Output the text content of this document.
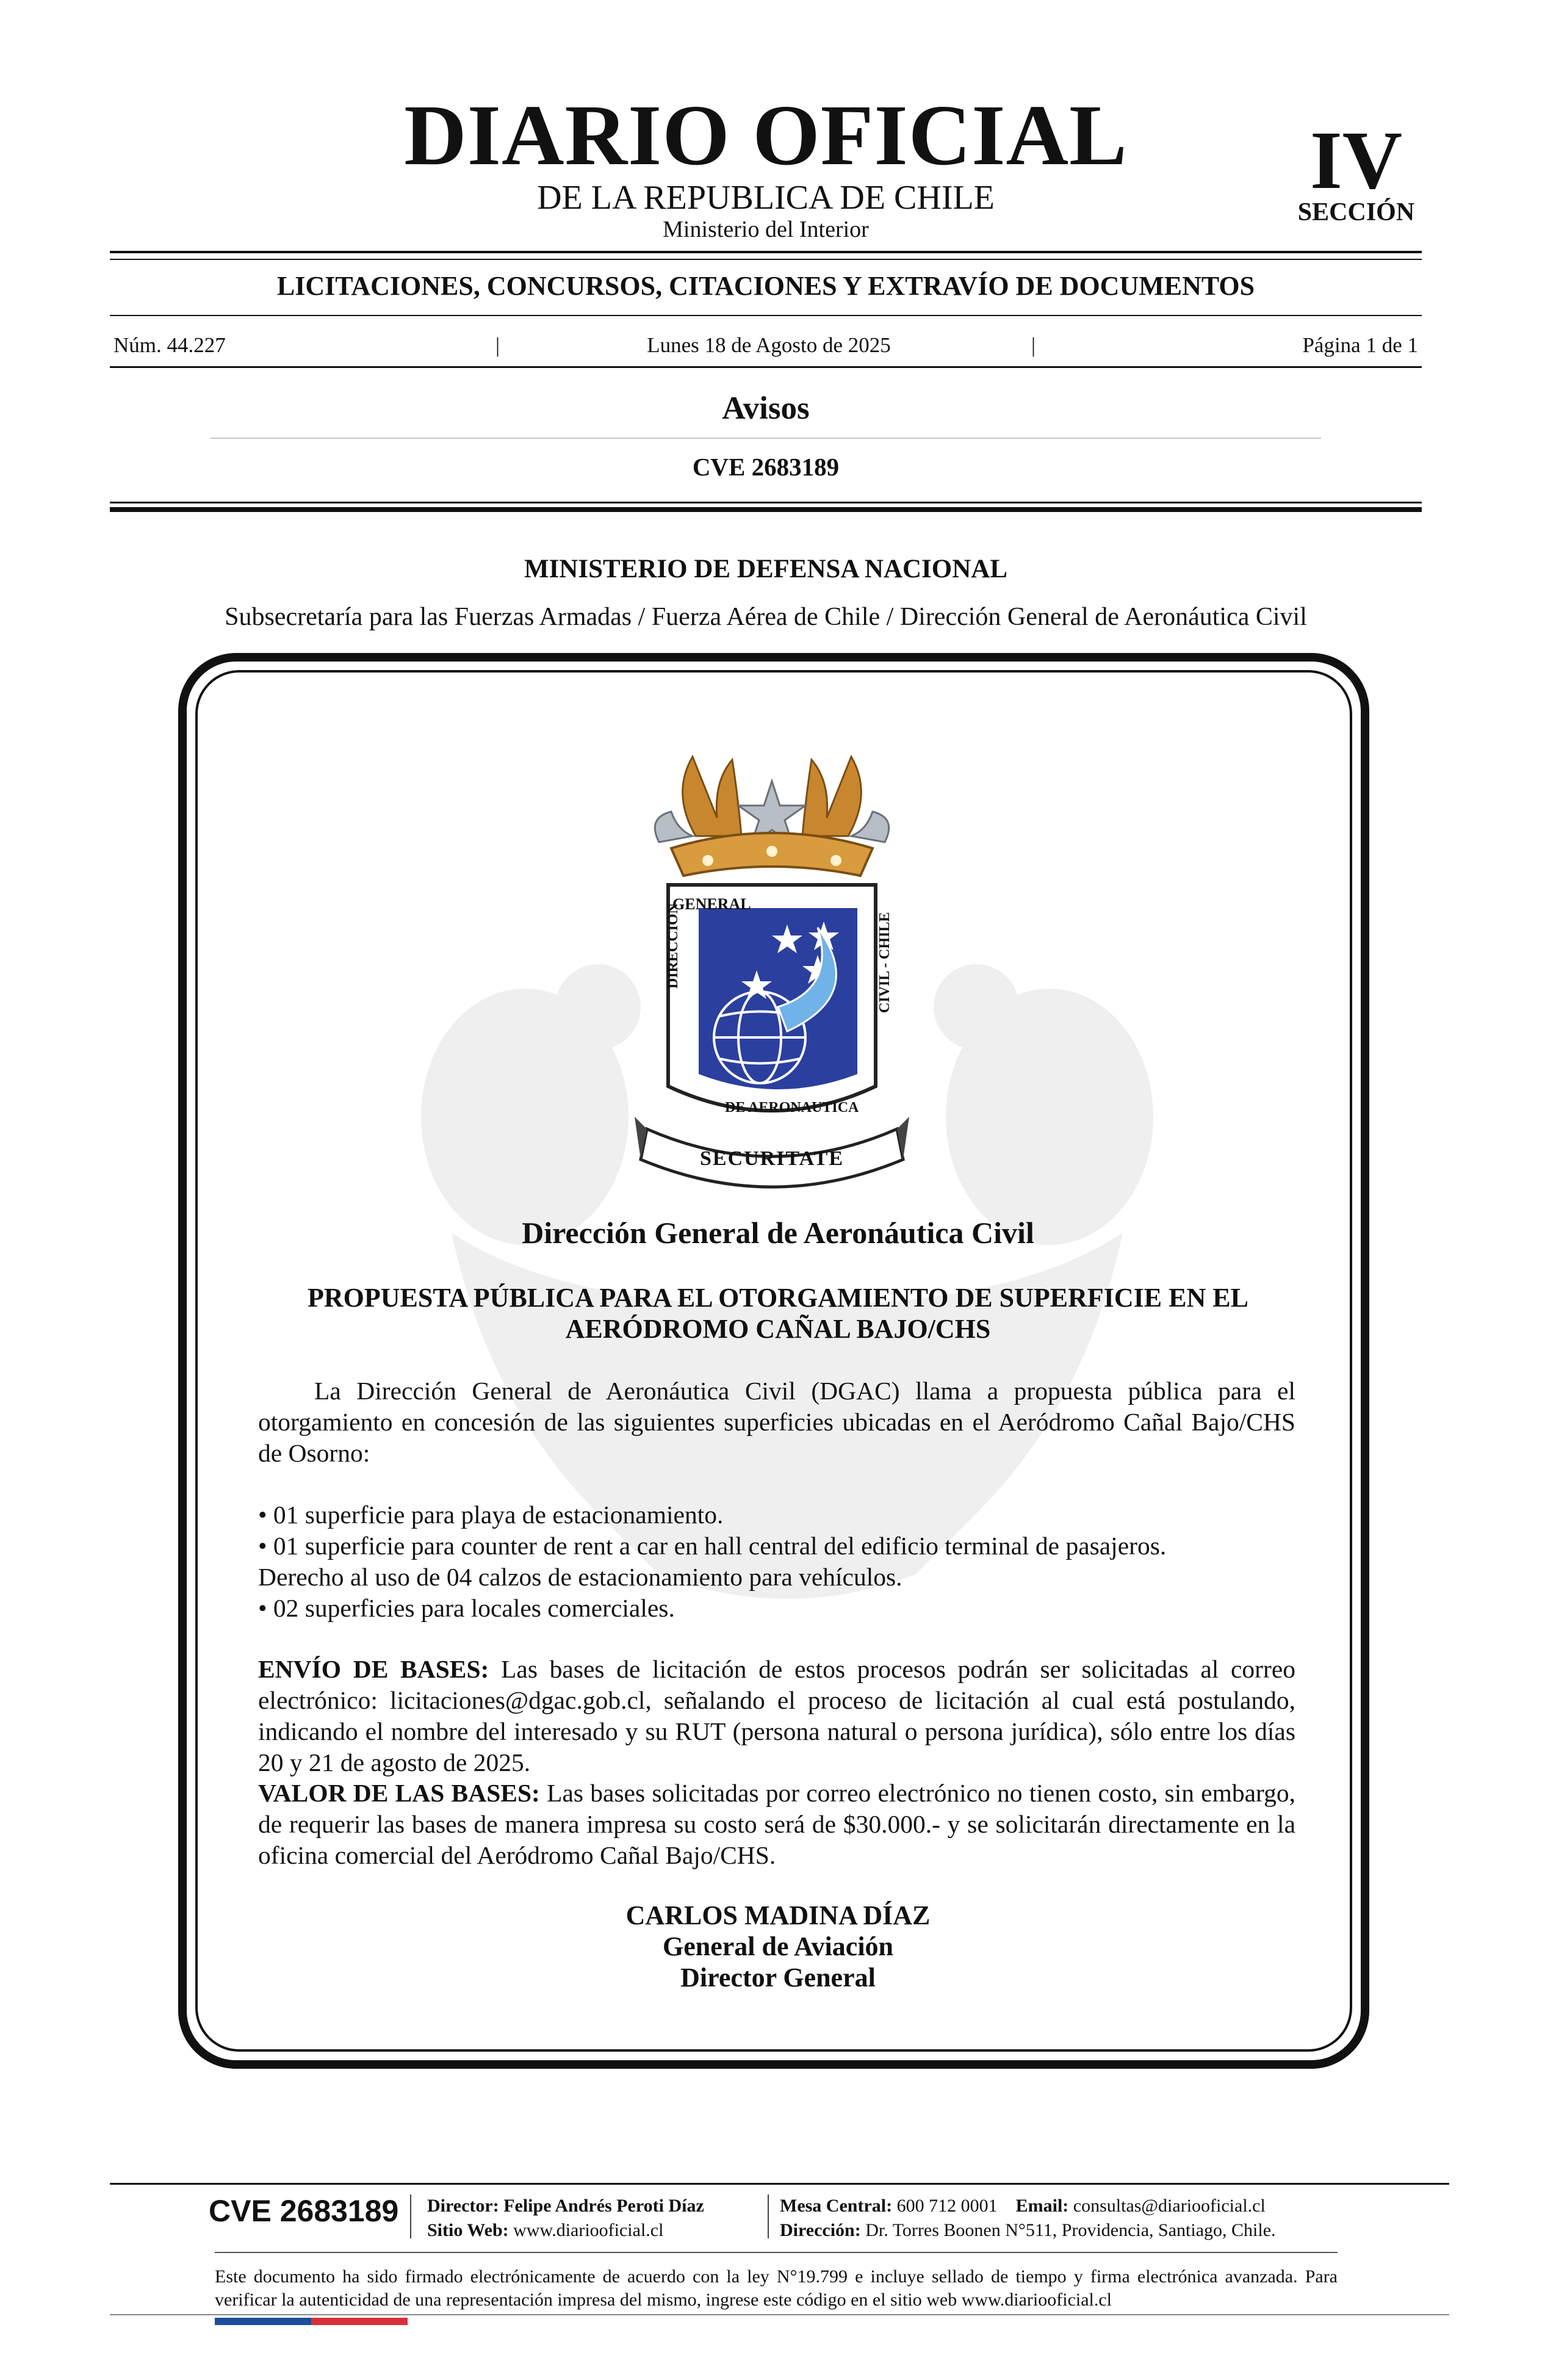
DIARIO OFICIAL
DE LA REPUBLICA DE CHILE
Ministerio del Interior
IV
SECCIÓN
LICITACIONES, CONCURSOS, CITACIONES Y EXTRAVÍO DE DOCUMENTOS
Núm. 44.227	|	Lunes 18 de Agosto de 2025	|	Página 1 de 1
Avisos
CVE 2683189
MINISTERIO DE DEFENSA NACIONAL
Subsecretaría para las Fuerzas Armadas / Fuerza Aérea de Chile / Dirección General de Aeronáutica Civil
GENERAL
DIRECCION	CIVIL - CHILE
DE AERONAUTICA
SECURITATE
Dirección General de Aeronáutica Civil
PROPUESTA PÚBLICA PARA EL OTORGAMIENTO DE SUPERFICIE EN EL AERÓDROMO CAÑAL BAJO/CHS
La Dirección General de Aeronáutica Civil (DGAC) llama a propuesta pública para el otorgamiento en concesión de las siguientes superficies ubicadas en el Aeródromo Cañal Bajo/CHS de Osorno:
• 01 superficie para playa de estacionamiento.
• 01 superficie para counter de rent a car en hall central del edificio terminal de pasajeros.
Derecho al uso de 04 calzos de estacionamiento para vehículos.
• 02 superficies para locales comerciales.
ENVÍO DE BASES: Las bases de licitación de estos procesos podrán ser solicitadas al correo electrónico: licitaciones@dgac.gob.cl, señalando el proceso de licitación al cual está postulando, indicando el nombre del interesado y su RUT (persona natural o persona jurídica), sólo entre los días 20 y 21 de agosto de 2025.
VALOR DE LAS BASES: Las bases solicitadas por correo electrónico no tienen costo, sin embargo, de requerir las bases de manera impresa su costo será de $30.000.- y se solicitarán directamente en la oficina comercial del Aeródromo Cañal Bajo/CHS.
CARLOS MADINA DÍAZ
General de Aviación
Director General
CVE 2683189 Director: Felipe Andrés Peroti Díaz
Sitio Web: www.diariooficial.cl
Mesa Central: 600 712 0001 Email: consultas@diariooficial.cl
Dirección: Dr. Torres Boonen N°511, Providencia, Santiago, Chile.
Este documento ha sido firmado electrónicamente de acuerdo con la ley N°19.799 e incluye sellado de tiempo y firma electrónica avanzada. Para verificar la autenticidad de una representación impresa del mismo, ingrese este código en el sitio web www.diariooficial.cl
